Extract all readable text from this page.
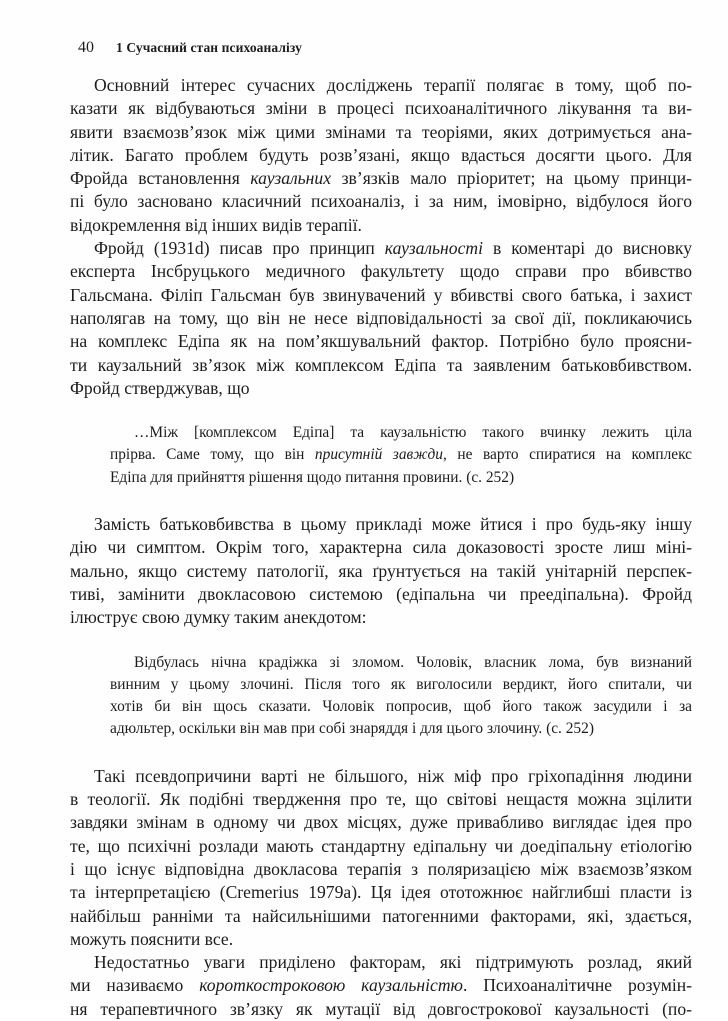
40 1 Сучасний стан психоаналізу

Основний інтерес сучасних досліджень терапії полягає в тому, щоб по-
казати як відбуваються зміни в процесі психоаналітичного лікування та ви-
явити взаємозв’язок між цими змінами та теоріями, яких дотримується ана-
літик. Багато проблем будуть розв’язані, якщо вдасться досягти цього. Для
Фройда встановлення каузальних зв’язків мало пріоритет; на цьому принци-
пі було засновано класичний психоаналіз, і за ним, імовірно, відбулося його
відокремлення від інших видів терапії.

Фройд (1931d) писав про принцип каузальності в коментарі до висновку
експерта Інсбруцького медичного факультету щодо справи про вбивство
Гальсмана. Філіп Гальсман був звинувачений у вбивстві свого батька, і захист
наполягав на тому, що він не несе відповідальності за свої дії, покликаючись
на комплекс Едіпа як на пом’якшувальний фактор. Потрібно було проясни-
ти каузальний зв’язок між комплексом Едіпа та заявленим батьковбивством.
Фройд стверджував, що

…Між [комплексом Едіпа] та каузальністю такого вчинку лежить ціла
прірва. Саме тому, що він присутній завжди, не варто спиратися на комплекс
Едіпа для прийняття рішення щодо питання провини. (с. 252)

Замість батьковбивства в цьому прикладі може йтися і про будь-яку іншу
дію чи симптом. Окрім того, характерна сила доказовості зросте лиш міні-
мально, якщо систему патології, яка ґрунтується на такій унітарній перспек-
тиві, замінити двокласовою системою (едіпальна чи преедіпальна). Фройд
ілюструє свою думку таким анекдотом:

Відбулась нічна крадіжка зі зломом. Чоловік, власник лома, був визнаний
винним у цьому злочині. Після того як виголосили вердикт, його спитали, чи
хотів би він щось сказати. Чоловік попросив, щоб його також засудили і за
адюльтер, оскільки він мав при собі знаряддя і для цього злочину. (с. 252)

Такі псевдопричини варті не більшого, ніж міф про гріхопадіння людини
в теології. Як подібні твердження про те, що світові нещастя можна зцілити
завдяки змінам в одному чи двох місцях, дуже привабливо виглядає ідея про
те, що психічні розлади мають стандартну едіпальну чи доедіпальну етіологію
і що існує відповідна двокласова терапія з поляризацією між взаємозв’язком
та інтерпретацією (Cremerius 1979a). Ця ідея ототожнює найглибші пласти із
найбільш ранніми та найсильнішими патогенними факторами, які, здається,
можуть пояснити все.

Недостатньо уваги приділено факторам, які підтримують розлад, який
ми називаємо короткостроковою каузальністю. Психоаналітичне розумін-
ня терапевтичного зв’язку як мутації від довгострокової каузальності (по-
